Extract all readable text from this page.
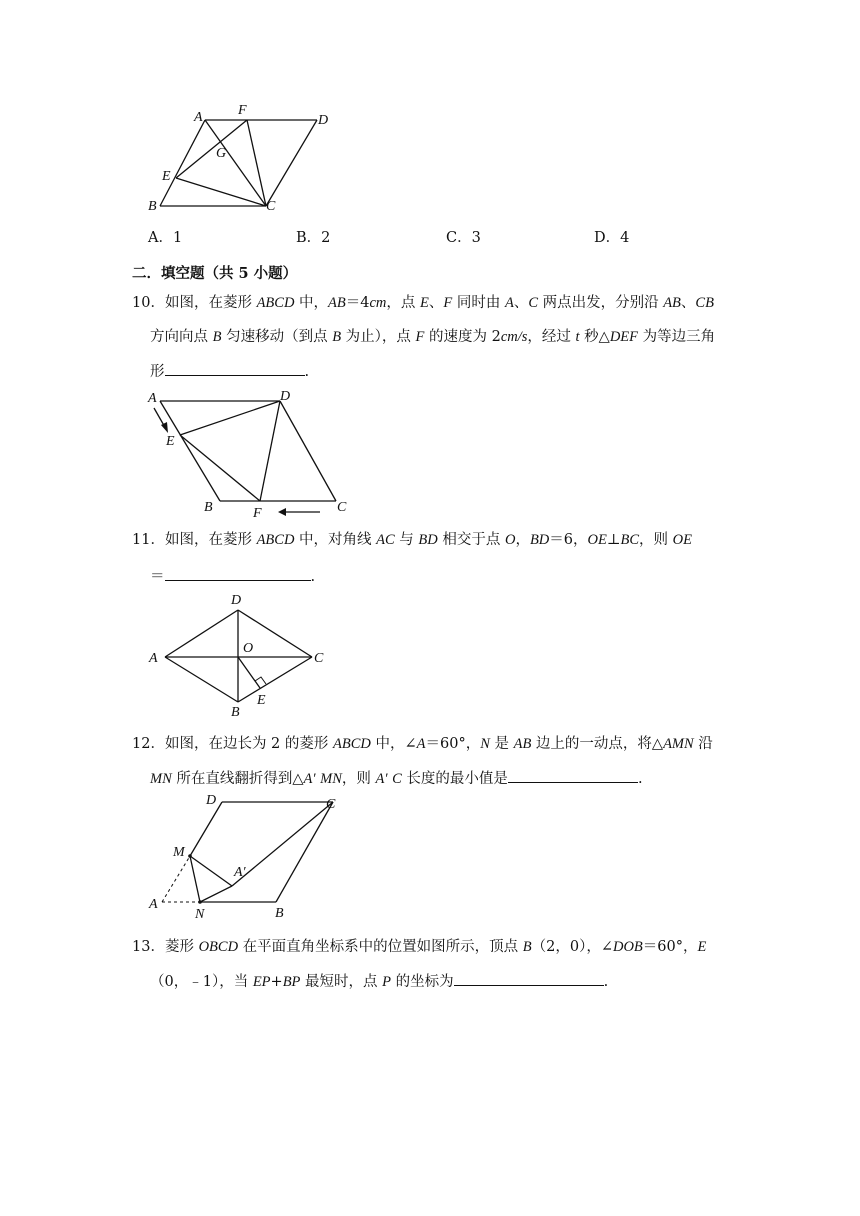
A	F
D
G
E
B	C
A．1	B．2	C．3	D．4
二．填空题（共 5 小题）
10．如图，在菱形 ABCD 中，AB＝4cm，点 E、F 同时由 A、C 两点出发，分别沿 AB、CB
方向向点 B 匀速移动（到点 B 为止），点 F 的速度为 2cm/s，经过 t 秒△DEF 为等边三角
形	.
A	D
E
B	F	C
11．如图，在菱形 ABCD 中，对角线 AC 与 BD 相交于点 O，BD＝6，OE⊥BC，则 OE
＝	.
D
A
O
C
B
E
12．如图，在边长为 2 的菱形 ABCD 中，∠A＝60°，N 是 AB 边上的一动点，将△AMN 沿
MN 所在直线翻折得到△A′ MN，则 A′ C 长度的最小值是	.
D	C
M
A′
A
N	B
13．菱形 OBCD 在平面直角坐标系中的位置如图所示，顶点 B（2，0），∠DOB＝60°，E
（0，﹣1），当 EP+BP 最短时，点 P 的坐标为	.
